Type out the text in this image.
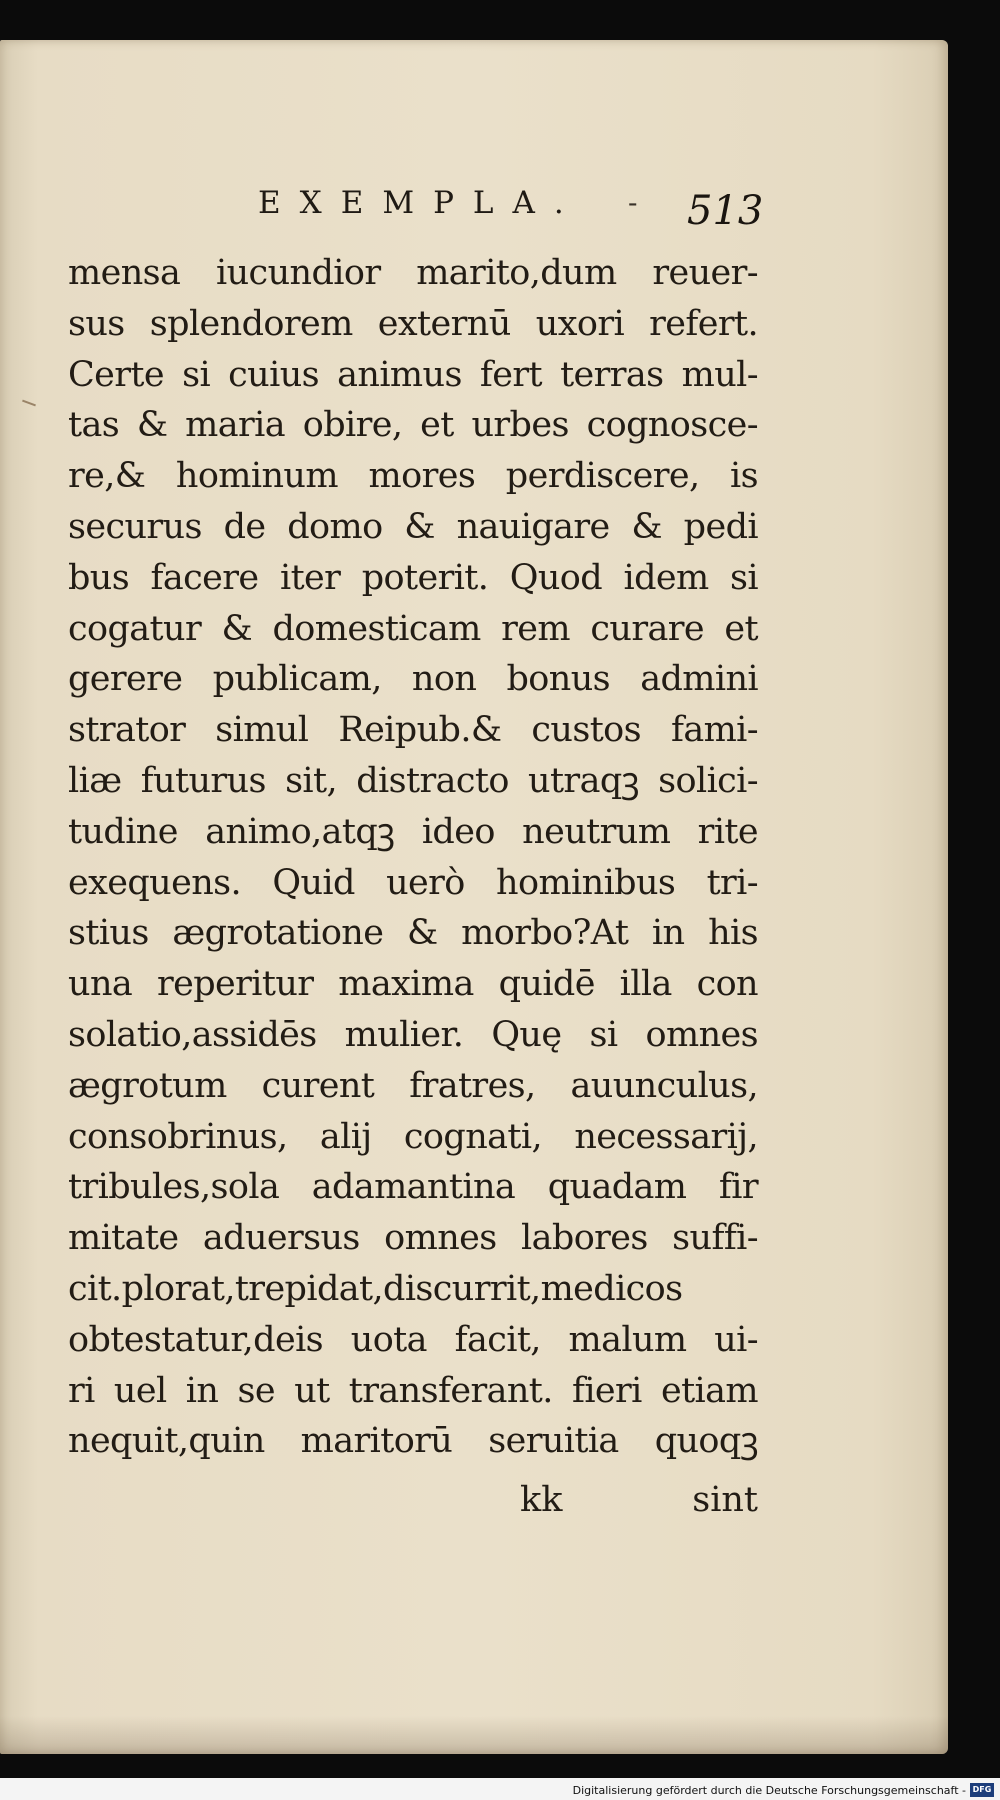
EXEMPLA. - 513
mensa iucundior marito,dum reuer-
sus splendorem externū uxori refert.
Certe si cuius animus fert terras mul-
tas & maria obire, et urbes cognosce-
re,& hominum mores perdiscere, is
securus de domo & nauigare & pedi
bus facere iter poterit. Quod idem si
cogatur & domesticam rem curare et
gerere publicam, non bonus admini
strator simul Reipub.& custos fami-
liæ futurus sit, distracto utraqꝫ solici-
tudine animo,atqꝫ ideo neutrum rite
exequens. Quid uerò hominibus tri-
stius ægrotatione & morbo?At in his
una reperitur maxima quidē illa con
solatio,assidēs mulier. Quę si omnes
ægrotum curent fratres, auunculus,
consobrinus, alij cognati, necessarij,
tribules,sola adamantina quadam fir
mitate aduersus omnes labores suffi-
cit.plorat,trepidat,discurrit,medicos
obtestatur,deis uota facit, malum ui-
ri uel in se ut transferant. fieri etiam
nequit,quin maritorū seruitia quoqꝫ
kk	sint
Digitalisierung gefördert durch die Deutsche Forschungsgemeinschaft - DFG
